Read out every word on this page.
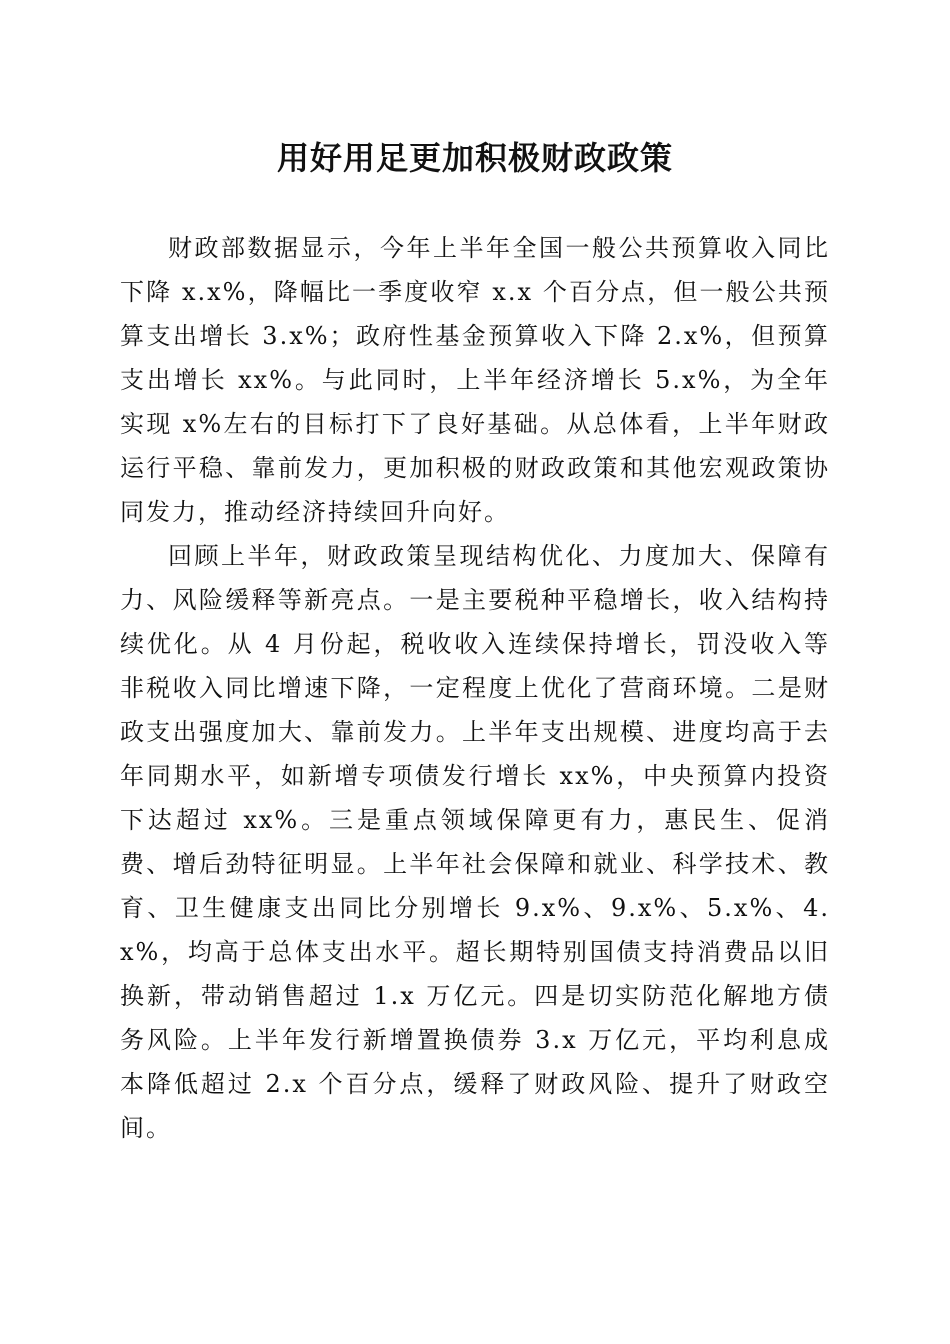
用好用足更加积极财政政策

财政部数据显示，今年上半年全国一般公共预算收入同比下降 x.x%，降幅比一季度收窄 x.x 个百分点，但一般公共预算支出增长 3.x%；政府性基金预算收入下降 2.x%，但预算支出增长 xx%。与此同时，上半年经济增长 5.x%，为全年实现 x%左右的目标打下了良好基础。从总体看，上半年财政运行平稳、靠前发力，更加积极的财政政策和其他宏观政策协同发力，推动经济持续回升向好。

回顾上半年，财政政策呈现结构优化、力度加大、保障有力、风险缓释等新亮点。一是主要税种平稳增长，收入结构持续优化。从 4 月份起，税收收入连续保持增长，罚没收入等非税收入同比增速下降，一定程度上优化了营商环境。二是财政支出强度加大、靠前发力。上半年支出规模、进度均高于去年同期水平，如新增专项债发行增长 xx%，中央预算内投资下达超过 xx%。三是重点领域保障更有力，惠民生、促消费、增后劲特征明显。上半年社会保障和就业、科学技术、教育、卫生健康支出同比分别增长 9.x%、9.x%、5.x%、4.x%，均高于总体支出水平。超长期特别国债支持消费品以旧换新，带动销售超过 1.x 万亿元。四是切实防范化解地方债务风险。上半年发行新增置换债券 3.x 万亿元，平均利息成本降低超过 2.x 个百分点，缓释了财政风险、提升了财政空间。
